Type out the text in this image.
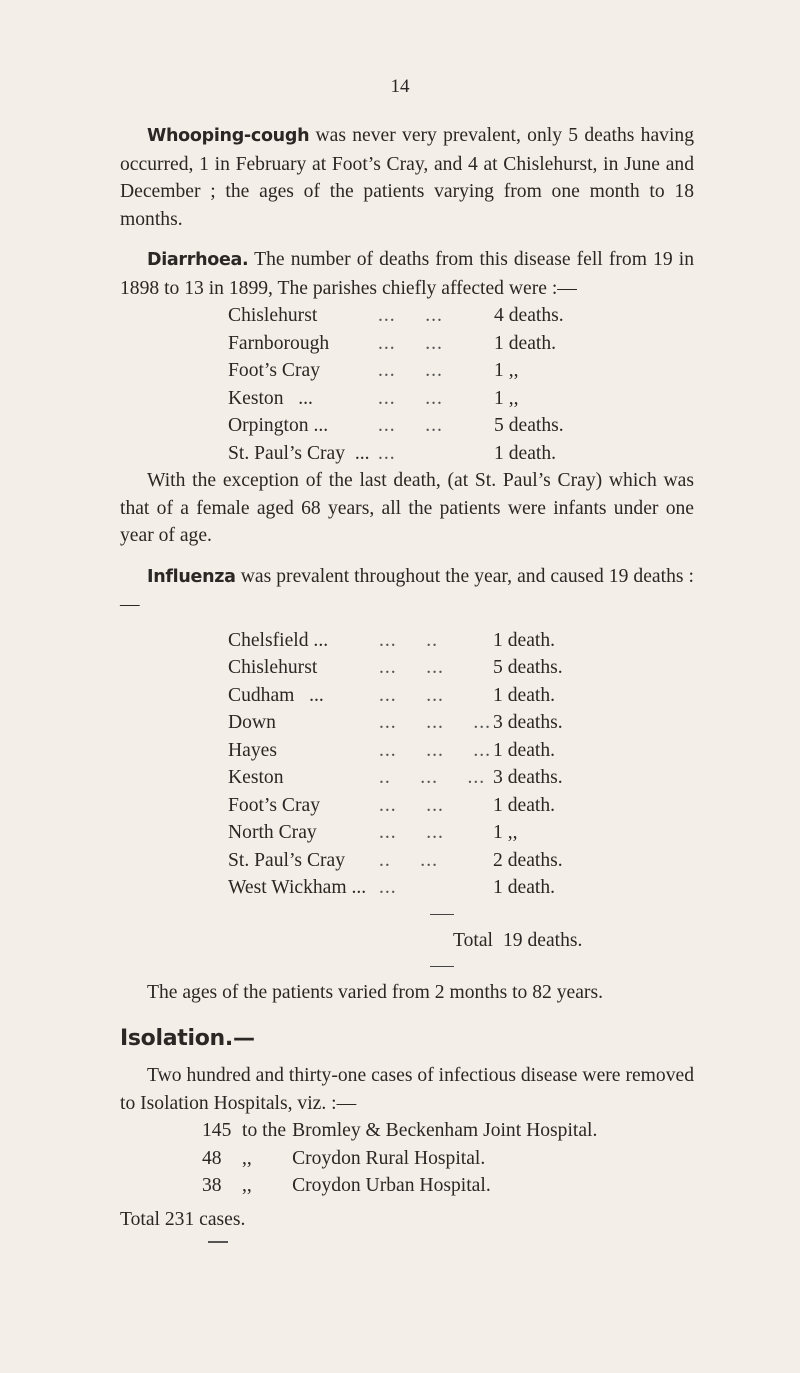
14

Whooping-cough was never very prevalent, only 5 deaths having occurred, 1 in February at Foot’s Cray, and 4 at Chislehurst, in June and December ; the ages of the patients varying from one month to 18 months.

Diarrhoea. The number of deaths from this disease fell from 19 in 1898 to 13 in 1899, The parishes chiefly affected were :—

Chislehurst	...     ...	4 deaths.
Farnborough	...     ...	1 death.
Foot’s Cray	...     ...	1 ,,
Keston   ...	...     ...	1 ,,
Orpington ...	...     ...	5 deaths.
St. Paul’s Cray  ...	...	1 death.

With the exception of the last death, (at St. Paul’s Cray) which was that of a female aged 68 years, all the patients were infants under one year of age.

Influenza was prevalent throughout the year, and caused 19 deaths :—

Chelsfield ...	...     ..	1 death.
Chislehurst	...     ...	5 deaths.
Cudham   ...	...     ...	1 death.
Down	...     ...     ...	3 deaths.
Hayes	...     ...     ...	1 death.
Keston	..     ...     ...	3 deaths.
Foot’s Cray	...     ...	1 death.
North Cray	...     ...	1 ,,
St. Paul’s Cray	..     ...	2 deaths.
West Wickham ...	...	1 death.
	Total	19 deaths.

The ages of the patients varied from 2 months to 82 years.

Isolation.—

Two hundred and thirty-one cases of infectious disease were removed to Isolation Hospitals, viz. :—

145	to the	Bromley & Beckenham Joint Hospital.
48	,,	Croydon Rural Hospital.
38	,,	Croydon Urban Hospital.

Total 231 cases.
